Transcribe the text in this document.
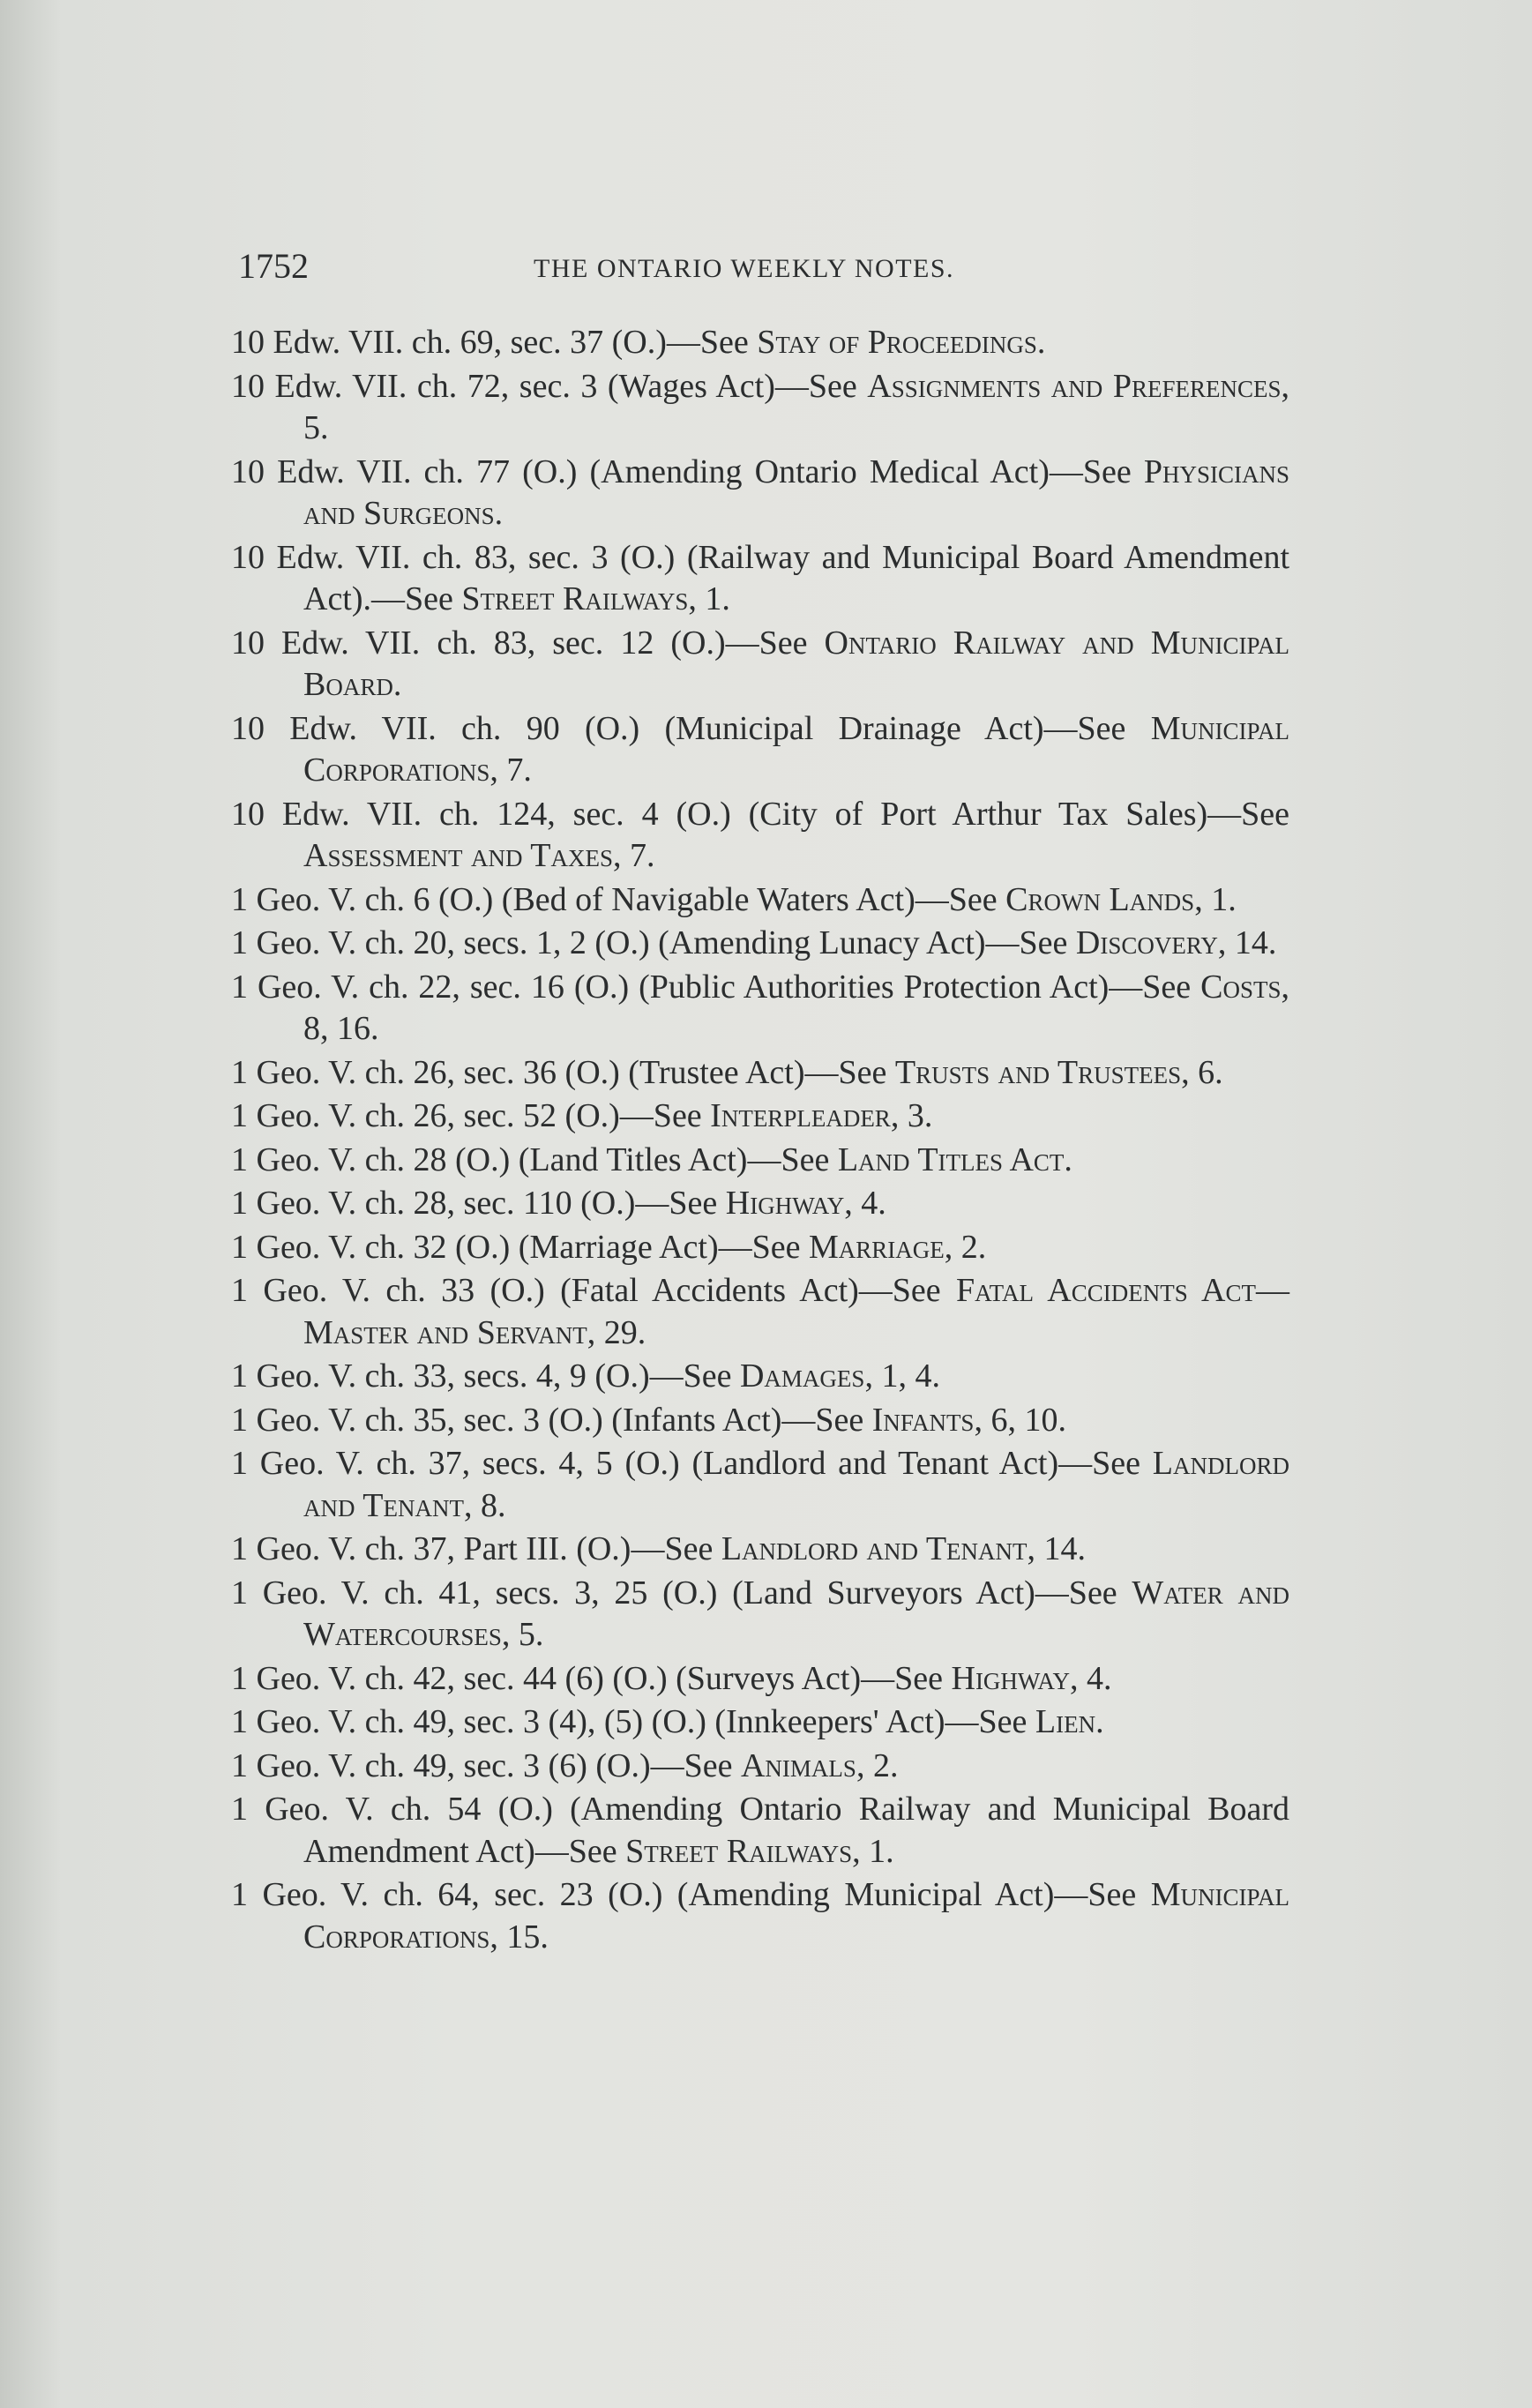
1752	THE ONTARIO WEEKLY NOTES.
10 Edw. VII. ch. 69, sec. 37 (O.)—See Stay of Proceedings.
10 Edw. VII. ch. 72, sec. 3 (Wages Act)—See Assignments and Preferences, 5.
10 Edw. VII. ch. 77 (O.) (Amending Ontario Medical Act)—See Physicians and Surgeons.
10 Edw. VII. ch. 83, sec. 3 (O.) (Railway and Municipal Board Amendment Act).—See Street Railways, 1.
10 Edw. VII. ch. 83, sec. 12 (O.)—See Ontario Railway and Municipal Board.
10 Edw. VII. ch. 90 (O.) (Municipal Drainage Act)—See Municipal Corporations, 7.
10 Edw. VII. ch. 124, sec. 4 (O.) (City of Port Arthur Tax Sales)—See Assessment and Taxes, 7.
1 Geo. V. ch. 6 (O.) (Bed of Navigable Waters Act)—See Crown Lands, 1.
1 Geo. V. ch. 20, secs. 1, 2 (O.) (Amending Lunacy Act)—See Discovery, 14.
1 Geo. V. ch. 22, sec. 16 (O.) (Public Authorities Protection Act)—See Costs, 8, 16.
1 Geo. V. ch. 26, sec. 36 (O.) (Trustee Act)—See Trusts and Trustees, 6.
1 Geo. V. ch. 26, sec. 52 (O.)—See Interpleader, 3.
1 Geo. V. ch. 28 (O.) (Land Titles Act)—See Land Titles Act.
1 Geo. V. ch. 28, sec. 110 (O.)—See Highway, 4.
1 Geo. V. ch. 32 (O.) (Marriage Act)—See Marriage, 2.
1 Geo. V. ch. 33 (O.) (Fatal Accidents Act)—See Fatal Accidents Act—Master and Servant, 29.
1 Geo. V. ch. 33, secs. 4, 9 (O.)—See Damages, 1, 4.
1 Geo. V. ch. 35, sec. 3 (O.) (Infants Act)—See Infants, 6, 10.
1 Geo. V. ch. 37, secs. 4, 5 (O.) (Landlord and Tenant Act)—See Landlord and Tenant, 8.
1 Geo. V. ch. 37, Part III. (O.)—See Landlord and Tenant, 14.
1 Geo. V. ch. 41, secs. 3, 25 (O.) (Land Surveyors Act)—See Water and Watercourses, 5.
1 Geo. V. ch. 42, sec. 44 (6) (O.) (Surveys Act)—See Highway, 4.
1 Geo. V. ch. 49, sec. 3 (4), (5) (O.) (Innkeepers' Act)—See Lien.
1 Geo. V. ch. 49, sec. 3 (6) (O.)—See Animals, 2.
1 Geo. V. ch. 54 (O.) (Amending Ontario Railway and Municipal Board Amendment Act)—See Street Railways, 1.
1 Geo. V. ch. 64, sec. 23 (O.) (Amending Municipal Act)—See Municipal Corporations, 15.
